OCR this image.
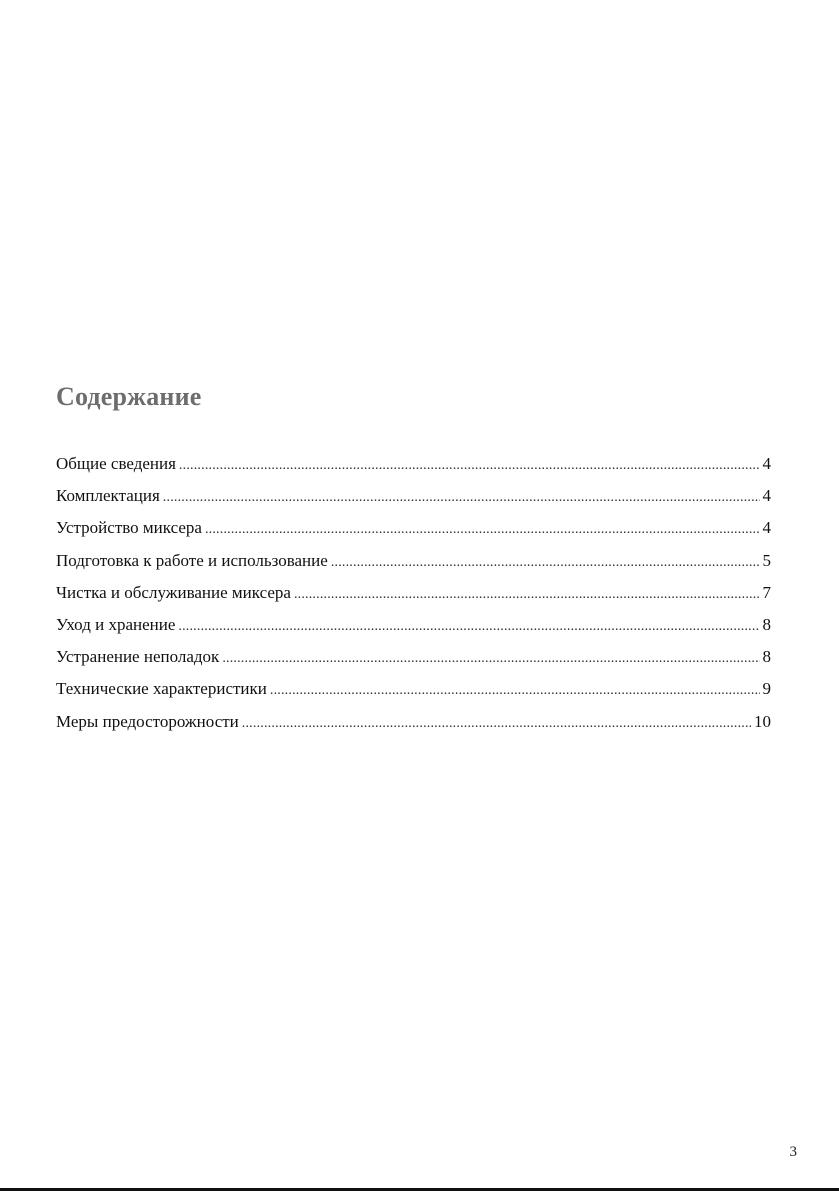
Содержание
Общие сведения .....	4
Комплектация .....	4
Устройство миксера .....	4
Подготовка к работе и использование .....	5
Чистка и обслуживание миксера .....	7
Уход и хранение .....	8
Устранение неполадок .....	8
Технические характеристики .....	9
Меры предосторожности .....	10
3
